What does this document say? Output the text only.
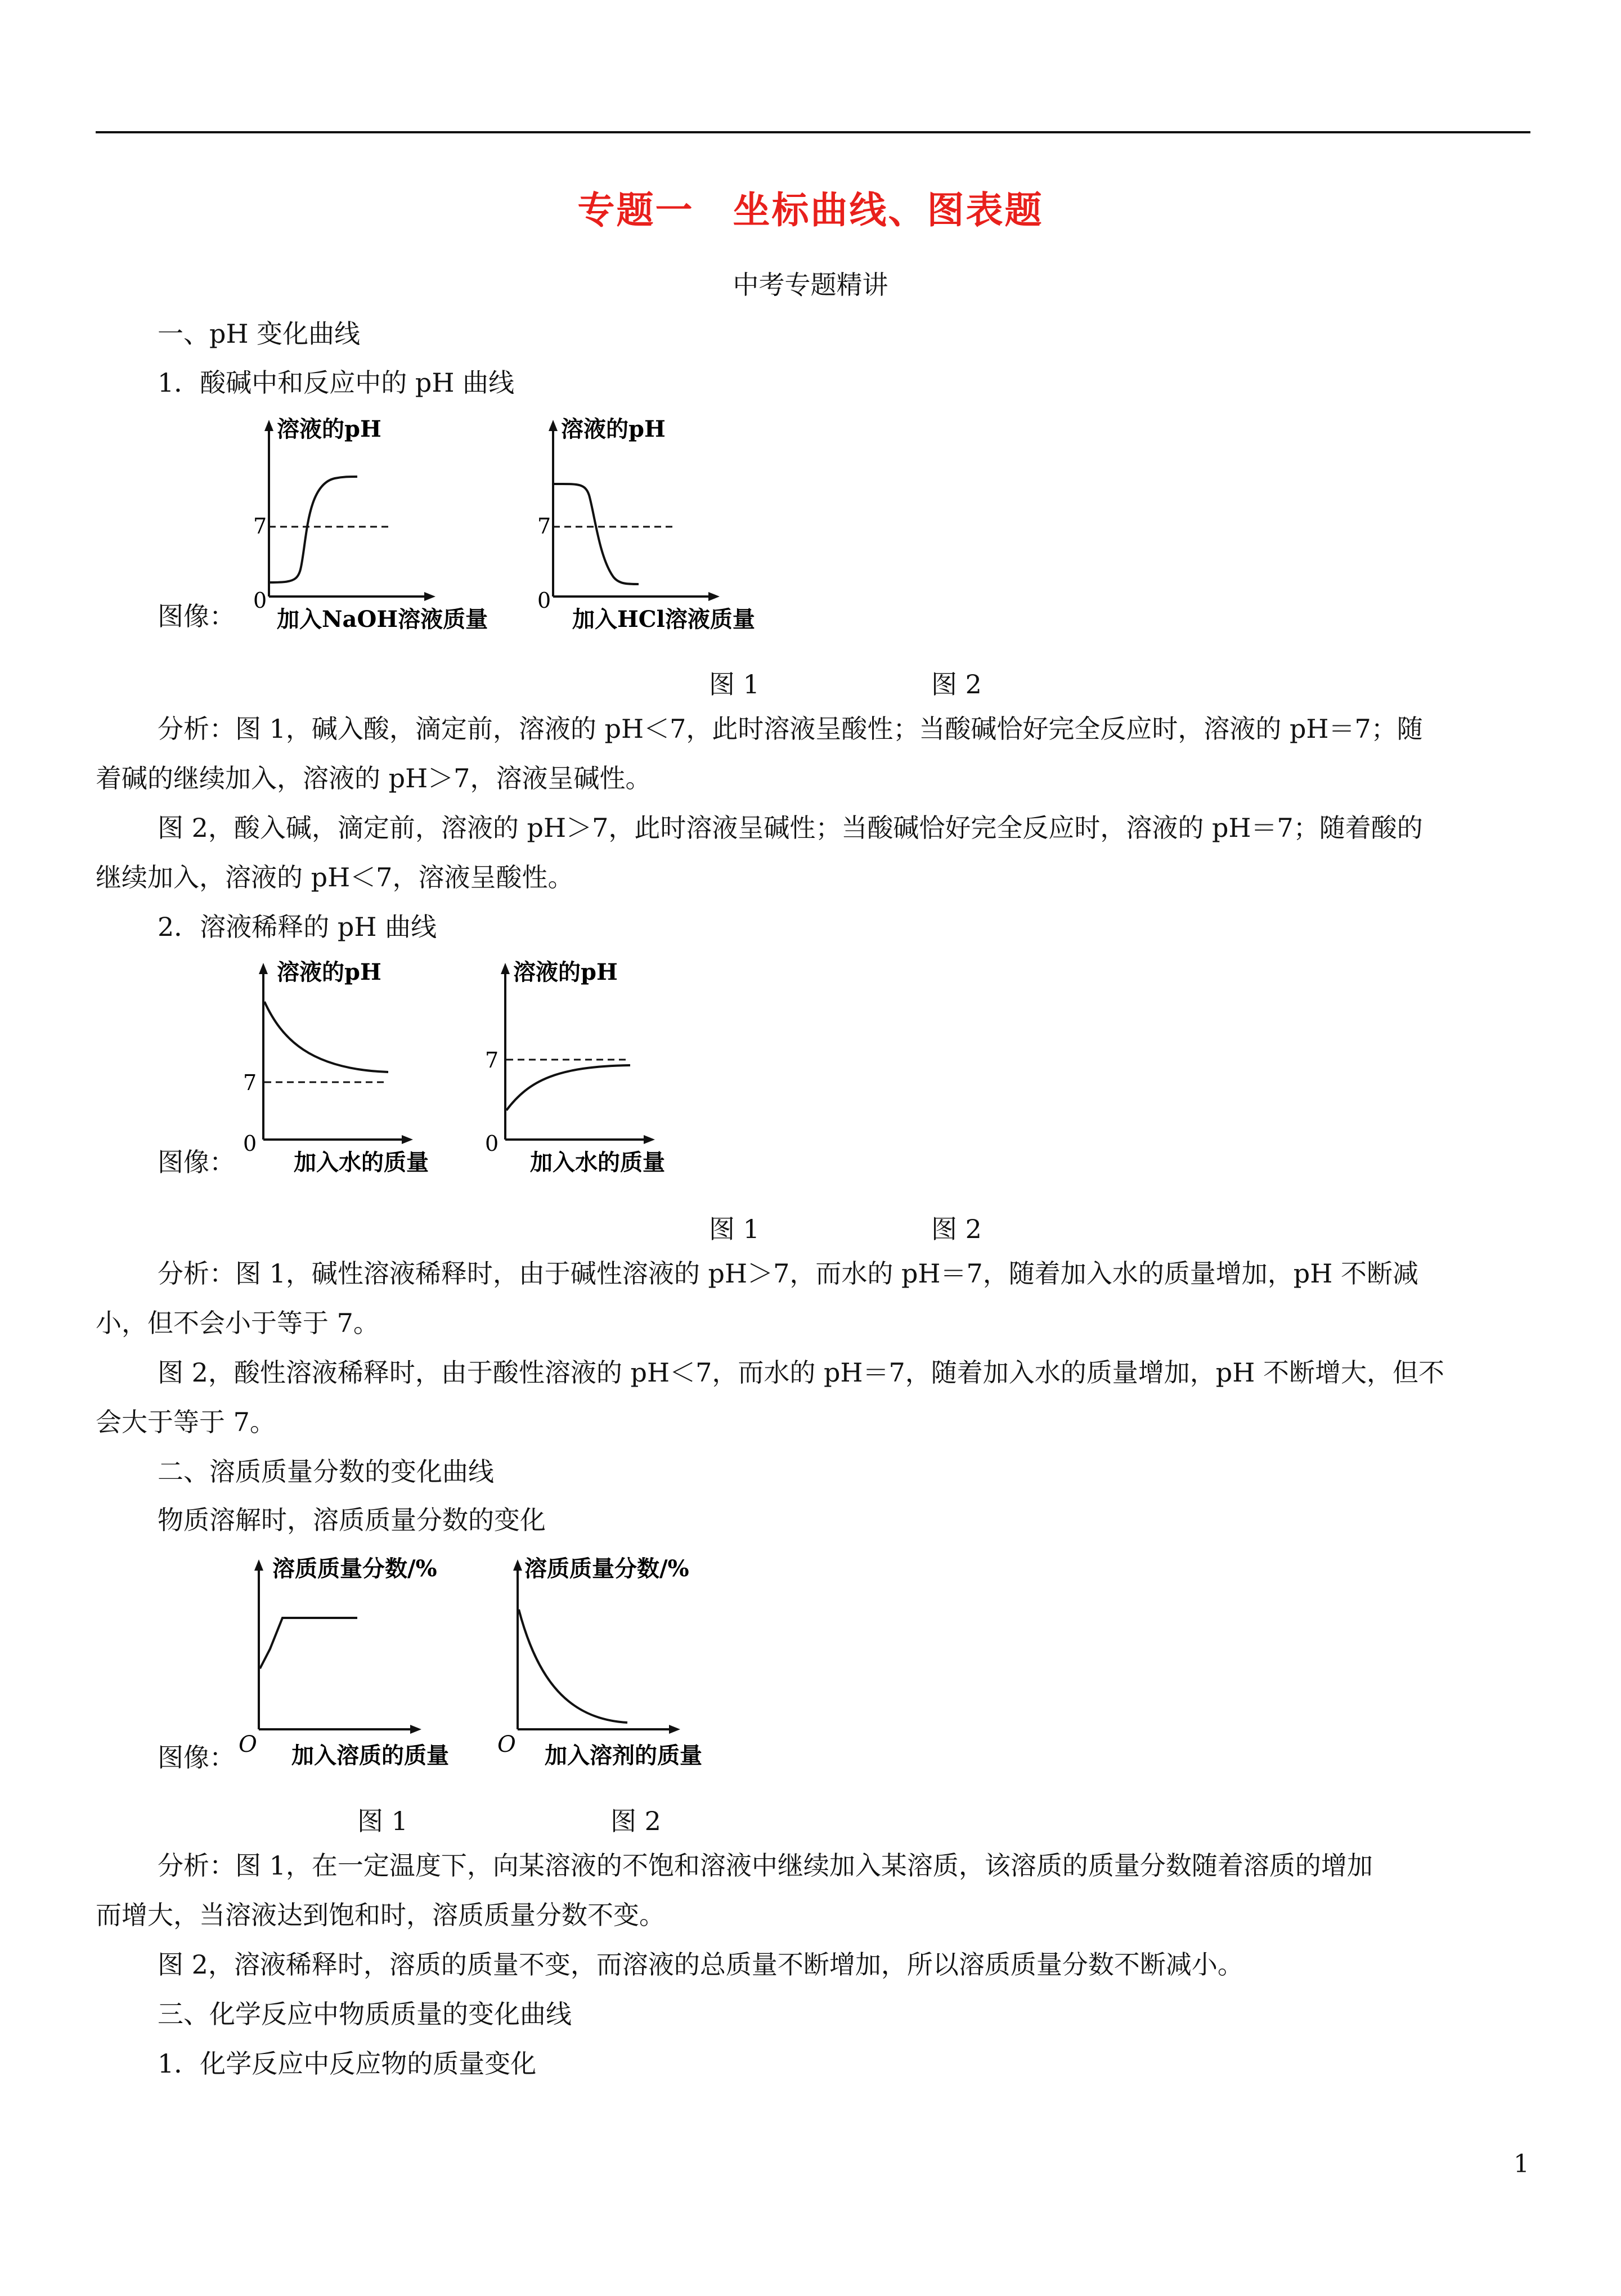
专题一　坐标曲线、图表题
中考专题精讲
一、pH 变化曲线
1．酸碱中和反应中的 pH 曲线
图像：
溶液的pH
7
0
加入NaOH溶液质量
溶液的pH
7
0
加入HCl溶液质量
图 1	图 2
分析：图 1，碱入酸，滴定前，溶液的 pH＜7，此时溶液呈酸性；当酸碱恰好完全反应时，溶液的 pH＝7；随
着碱的继续加入，溶液的 pH＞7，溶液呈碱性。
图 2，酸入碱，滴定前，溶液的 pH＞7，此时溶液呈碱性；当酸碱恰好完全反应时，溶液的 pH＝7；随着酸的
继续加入，溶液的 pH＜7，溶液呈酸性。
2．溶液稀释的 pH 曲线
图像：
溶液的pH
7
0
加入水的质量
溶液的pH
7
0
加入水的质量
图 1	图 2
分析：图 1，碱性溶液稀释时，由于碱性溶液的 pH＞7，而水的 pH＝7，随着加入水的质量增加，pH 不断减
小，但不会小于等于 7。
图 2，酸性溶液稀释时，由于酸性溶液的 pH＜7，而水的 pH＝7，随着加入水的质量增加，pH 不断增大，但不
会大于等于 7。
二、溶质质量分数的变化曲线
物质溶解时，溶质质量分数的变化
图像：
溶质质量分数/%
O 加入溶质的质量
溶质质量分数/%
O 加入溶剂的质量
图 1	图 2
分析：图 1，在一定温度下，向某溶液的不饱和溶液中继续加入某溶质，该溶质的质量分数随着溶质的增加
而增大，当溶液达到饱和时，溶质质量分数不变。
图 2，溶液稀释时，溶质的质量不变，而溶液的总质量不断增加，所以溶质质量分数不断减小。
三、化学反应中物质质量的变化曲线
1．化学反应中反应物的质量变化
1
